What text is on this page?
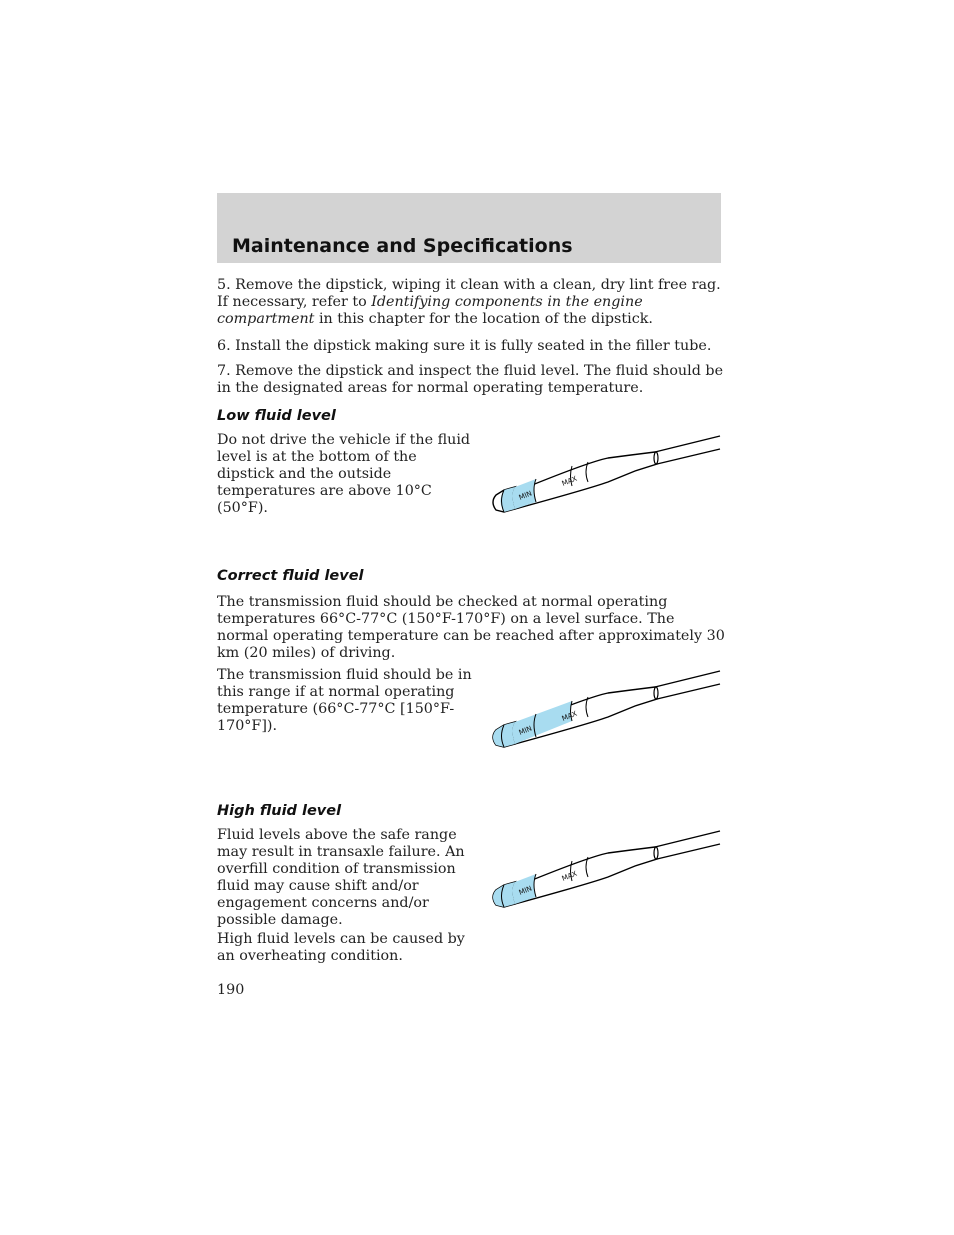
Maintenance and Specifications

5. Remove the dipstick, wiping it clean with a clean, dry lint free rag. If necessary, refer to Identifying components in the engine compartment in this chapter for the location of the dipstick.

6. Install the dipstick making sure it is fully seated in the filler tube.

7. Remove the dipstick and inspect the fluid level. The fluid should be in the designated areas for normal operating temperature.

Low fluid level

Do not drive the vehicle if the fluid level is at the bottom of the dipstick and the outside temperatures are above 10°C (50°F).

MIN
MAX
Correct fluid level

The transmission fluid should be checked at normal operating temperatures 66°C-77°C (150°F-170°F) on a level surface. The normal operating temperature can be reached after approximately 30 km (20 miles) of driving.

The transmission fluid should be in this range if at normal operating temperature (66°C-77°C [150°F-170°F]).	MIN
MAX
High fluid level

Fluid levels above the safe range may result in transaxle failure. An overfill condition of transmission fluid may cause shift and/or engagement concerns and/or possible damage.

High fluid levels can be caused by an overheating condition.

MIN
MAX

190
